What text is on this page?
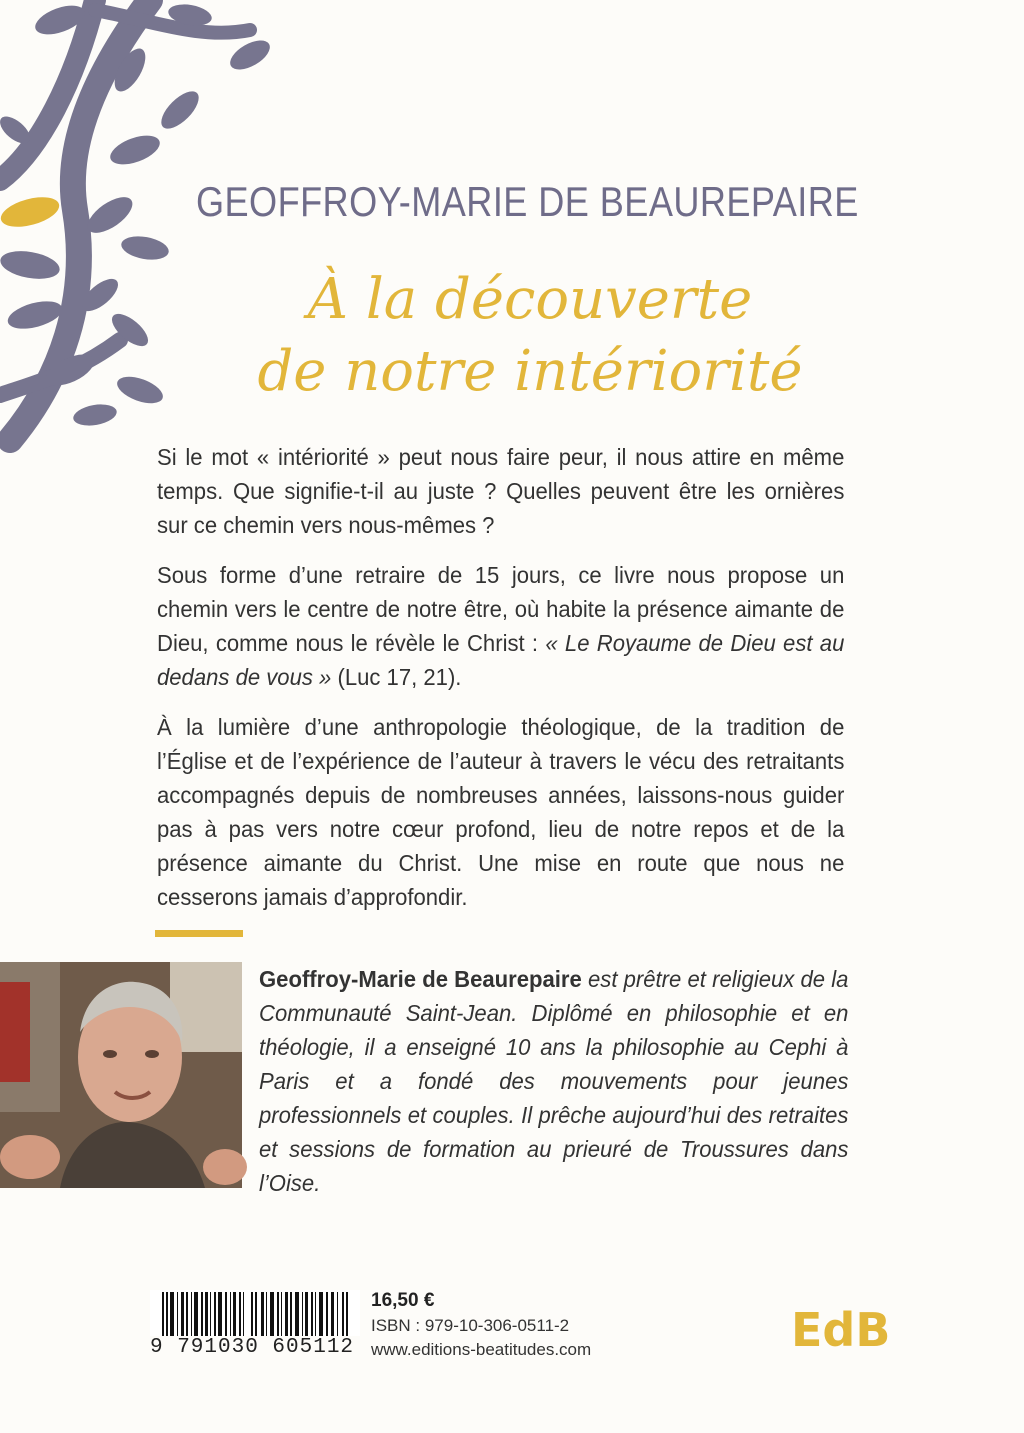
GEOFFROY-MARIE DE BEAUREPAIRE
À la découverte
de notre intériorité
Si le mot « intériorité » peut nous faire peur, il nous attire en même temps. Que signifie-t-il au juste ? Quelles peuvent être les ornières sur ce chemin vers nous-mêmes ?
Sous forme d’une retraire de 15 jours, ce livre nous propose un chemin vers le centre de notre être, où habite la présence aimante de Dieu, comme nous le révèle le Christ : « Le Royaume de Dieu est au dedans de vous » (Luc 17, 21).
À la lumière d’une anthropologie théologique, de la tradition de l’Église et de l’expérience de l’auteur à travers le vécu des retraitants accompagnés depuis de nombreuses années, laissons-nous guider pas à pas vers notre cœur profond, lieu de notre repos et de la présence aimante du Christ. Une mise en route que nous ne cesserons jamais d’approfondir.
Geoffroy-Marie de Beaurepaire est prêtre et religieux de la Communauté Saint-Jean. Diplômé en philosophie et en théologie, il a enseigné 10 ans la philosophie au Cephi à Paris et a fondé des mouvements pour jeunes professionnels et couples. Il prêche aujourd’hui des retraites et sessions de formation au prieuré de Troussures dans l’Oise.
9 791030 605112
16,50 €
ISBN : 979-10-306-0511-2
www.editions-beatitudes.com	EdB
